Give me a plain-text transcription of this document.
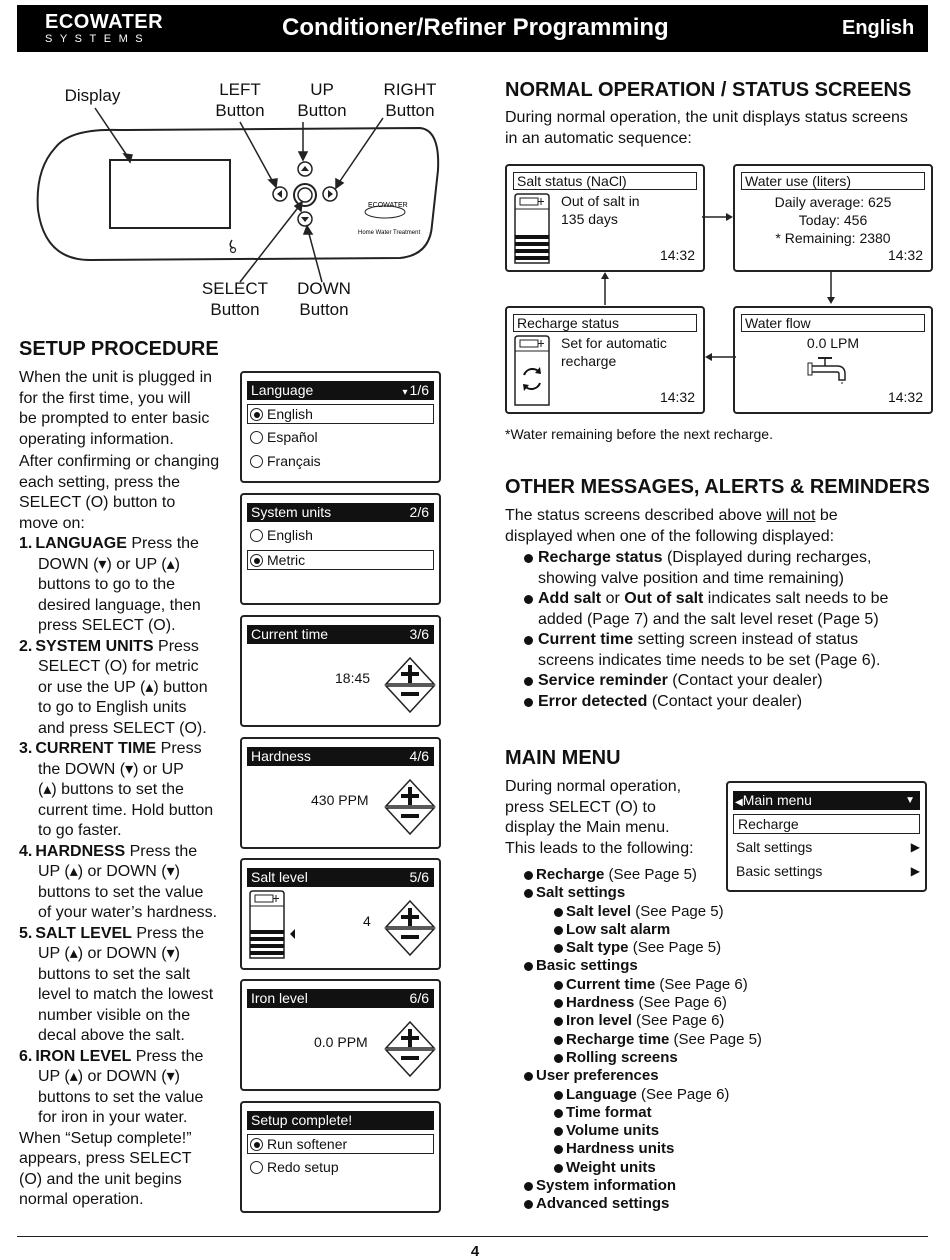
ECOWATER
SYSTEMS	Conditioner/Refiner Programming	English
ECOWATER
Home Water Treatment
Display	LEFT
Button
UP
Button
RIGHT
Button
SELECT
Button
DOWN
Button
SETUP PROCEDURE
When the unit is plugged in
for the first time, you will
be prompted to enter basic
operating information.
After confirming or changing
each setting, press the
SELECT (O) button to
move on:
1. LANGUAGE Press the
DOWN (▾) or UP (▴)
buttons to go to the
desired language, then
press SELECT (O).
2. SYSTEM UNITS Press
SELECT (O) for metric
or use the UP (▴) button
to go to English units
and press SELECT (O).
3. CURRENT TIME Press
the DOWN (▾) or UP
(▴) buttons to set the
current time. Hold button
to go faster.
4. HARDNESS Press the
UP (▴) or DOWN (▾)
buttons to set the value
of your water’s hardness.
5. SALT LEVEL Press the
UP (▴) or DOWN (▾)
buttons to set the salt
level to match the lowest
number visible on the
decal above the salt.
6. IRON LEVEL Press the
UP (▴) or DOWN (▾)
buttons to set the value
for iron in your water.
When “Setup complete!”
appears, press SELECT
(O) and the unit begins
normal operation.
Language	▾ 1/6
English
Español
Français
System units	2/6
English
Metric
Current time	3/6
18:45
Hardness	4/6
430 PPM
Salt level	5/6
4
Iron level	6/6
0.0 PPM
Setup complete!
Run softener
Redo setup
NORMAL OPERATION / STATUS SCREENS
During normal operation, the unit displays status screens
in an automatic sequence:
Salt status (NaCl)
Out of salt in
135 days
14:32
Water use (liters)
Daily average: 625
Today: 456
* Remaining: 2380
14:32
Recharge status
Set for automatic
recharge
14:32
Water flow
0.0 LPM
14:32
*Water remaining before the next recharge.
OTHER MESSAGES, ALERTS & REMINDERS
The status screens described above will not be
displayed when one of the following displayed:
Recharge status (Displayed during recharges,
showing valve position and time remaining)
Add salt or Out of salt indicates salt needs to be
added (Page 7) and the salt level reset (Page 5)
Current time setting screen instead of status
screens indicates time needs to be set (Page 6).
Service reminder (Contact your dealer)
Error detected (Contact your dealer)
MAIN MENU
During normal operation,
press SELECT (O) to
display the Main menu.
This leads to the following:
◀Main menu	▼
Recharge
Salt settings	▶
Basic settings	▶
Recharge (See Page 5)
Salt settings
Salt level (See Page 5)
Low salt alarm
Salt type (See Page 5)
Basic settings
Current time (See Page 6)
Hardness (See Page 6)
Iron level (See Page 6)
Recharge time (See Page 5)
Rolling screens
User preferences
Language (See Page 6)
Time format
Volume units
Hardness units
Weight units
System information
Advanced settings
4
